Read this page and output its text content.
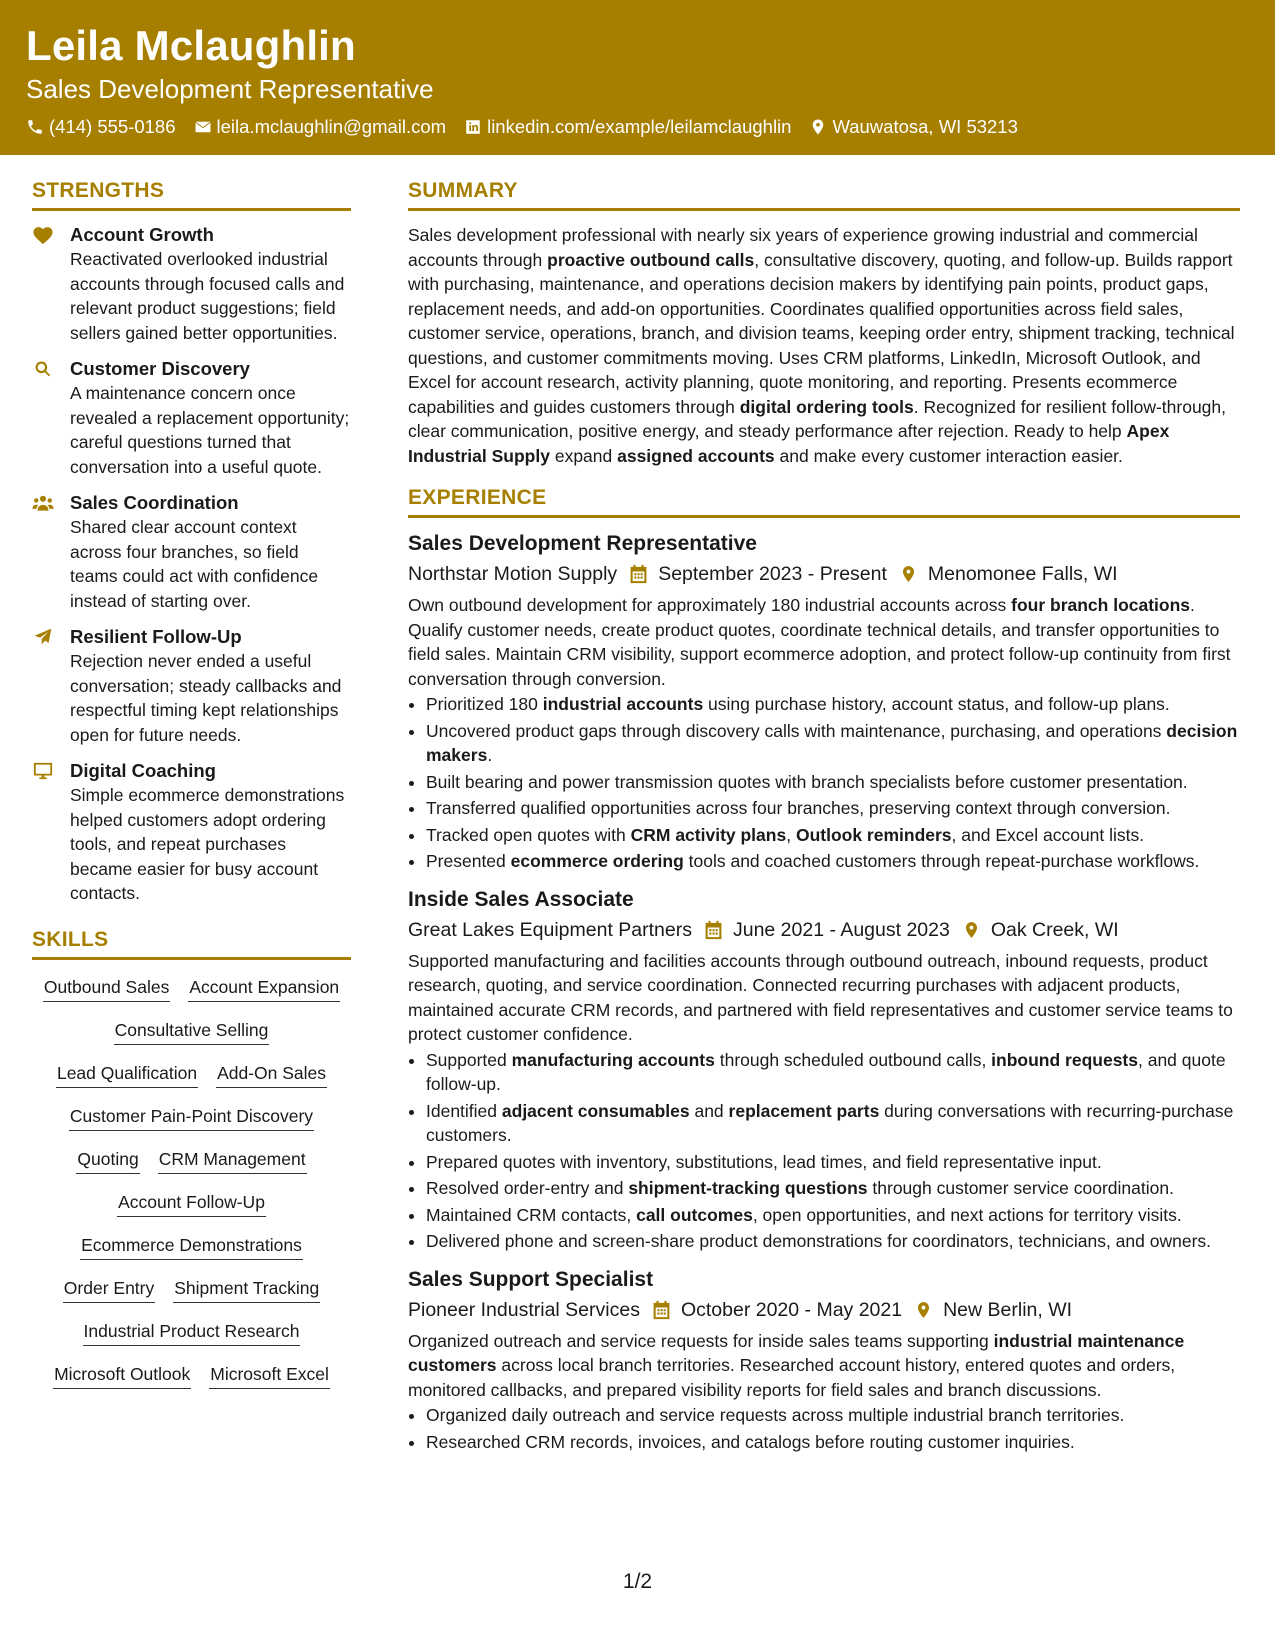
Leila Mclaughlin
Sales Development Representative
(414) 555-0186 leila.mclaughlin@gmail.com linkedin.com/example/leilamclaughlin Wauwatosa, WI 53213
STRENGTHS
Account Growth
Reactivated overlooked industrial accounts through focused calls and relevant product suggestions; field sellers gained better opportunities.
Customer Discovery
A maintenance concern once revealed a replacement opportunity; careful questions turned that conversation into a useful quote.
Sales Coordination
Shared clear account context across four branches, so field teams could act with confidence instead of starting over.
Resilient Follow-Up
Rejection never ended a useful conversation; steady callbacks and respectful timing kept relationships open for future needs.
Digital Coaching
Simple ecommerce demonstrations helped customers adopt ordering tools, and repeat purchases became easier for busy account contacts.
SKILLS
Outbound Sales Account Expansion
Consultative Selling
Lead Qualification Add-On Sales
Customer Pain-Point Discovery
Quoting CRM Management
Account Follow-Up
Ecommerce Demonstrations
Order Entry Shipment Tracking
Industrial Product Research
Microsoft Outlook Microsoft Excel
SUMMARY
Sales development professional with nearly six years of experience growing industrial and commercial accounts through proactive outbound calls, consultative discovery, quoting, and follow-up. Builds rapport with purchasing, maintenance, and operations decision makers by identifying pain points, product gaps, replacement needs, and add-on opportunities. Coordinates qualified opportunities across field sales, customer service, operations, branch, and division teams, keeping order entry, shipment tracking, technical questions, and customer commitments moving. Uses CRM platforms, LinkedIn, Microsoft Outlook, and Excel for account research, activity planning, quote monitoring, and reporting. Presents ecommerce capabilities and guides customers through digital ordering tools. Recognized for resilient follow-through, clear communication, positive energy, and steady performance after rejection. Ready to help Apex Industrial Supply expand assigned accounts and make every customer interaction easier.
EXPERIENCE
Sales Development Representative
Northstar Motion Supply September 2023 - Present Menomonee Falls, WI
Own outbound development for approximately 180 industrial accounts across four branch locations. Qualify customer needs, create product quotes, coordinate technical details, and transfer opportunities to field sales. Maintain CRM visibility, support ecommerce adoption, and protect follow-up continuity from first conversation through conversion.
• Prioritized 180 industrial accounts using purchase history, account status, and follow-up plans.
• Uncovered product gaps through discovery calls with maintenance, purchasing, and operations decision makers.
• Built bearing and power transmission quotes with branch specialists before customer presentation.
• Transferred qualified opportunities across four branches, preserving context through conversion.
• Tracked open quotes with CRM activity plans, Outlook reminders, and Excel account lists.
• Presented ecommerce ordering tools and coached customers through repeat-purchase workflows.
Inside Sales Associate
Great Lakes Equipment Partners June 2021 - August 2023 Oak Creek, WI
Supported manufacturing and facilities accounts through outbound outreach, inbound requests, product research, quoting, and service coordination. Connected recurring purchases with adjacent products, maintained accurate CRM records, and partnered with field representatives and customer service teams to protect customer confidence.
• Supported manufacturing accounts through scheduled outbound calls, inbound requests, and quote follow-up.
• Identified adjacent consumables and replacement parts during conversations with recurring-purchase customers.
• Prepared quotes with inventory, substitutions, lead times, and field representative input.
• Resolved order-entry and shipment-tracking questions through customer service coordination.
• Maintained CRM contacts, call outcomes, open opportunities, and next actions for territory visits.
• Delivered phone and screen-share product demonstrations for coordinators, technicians, and owners.
Sales Support Specialist
Pioneer Industrial Services October 2020 - May 2021 New Berlin, WI
Organized outreach and service requests for inside sales teams supporting industrial maintenance customers across local branch territories. Researched account history, entered quotes and orders, monitored callbacks, and prepared visibility reports for field sales and branch discussions.
• Organized daily outreach and service requests across multiple industrial branch territories.
• Researched CRM records, invoices, and catalogs before routing customer inquiries.
1/2
